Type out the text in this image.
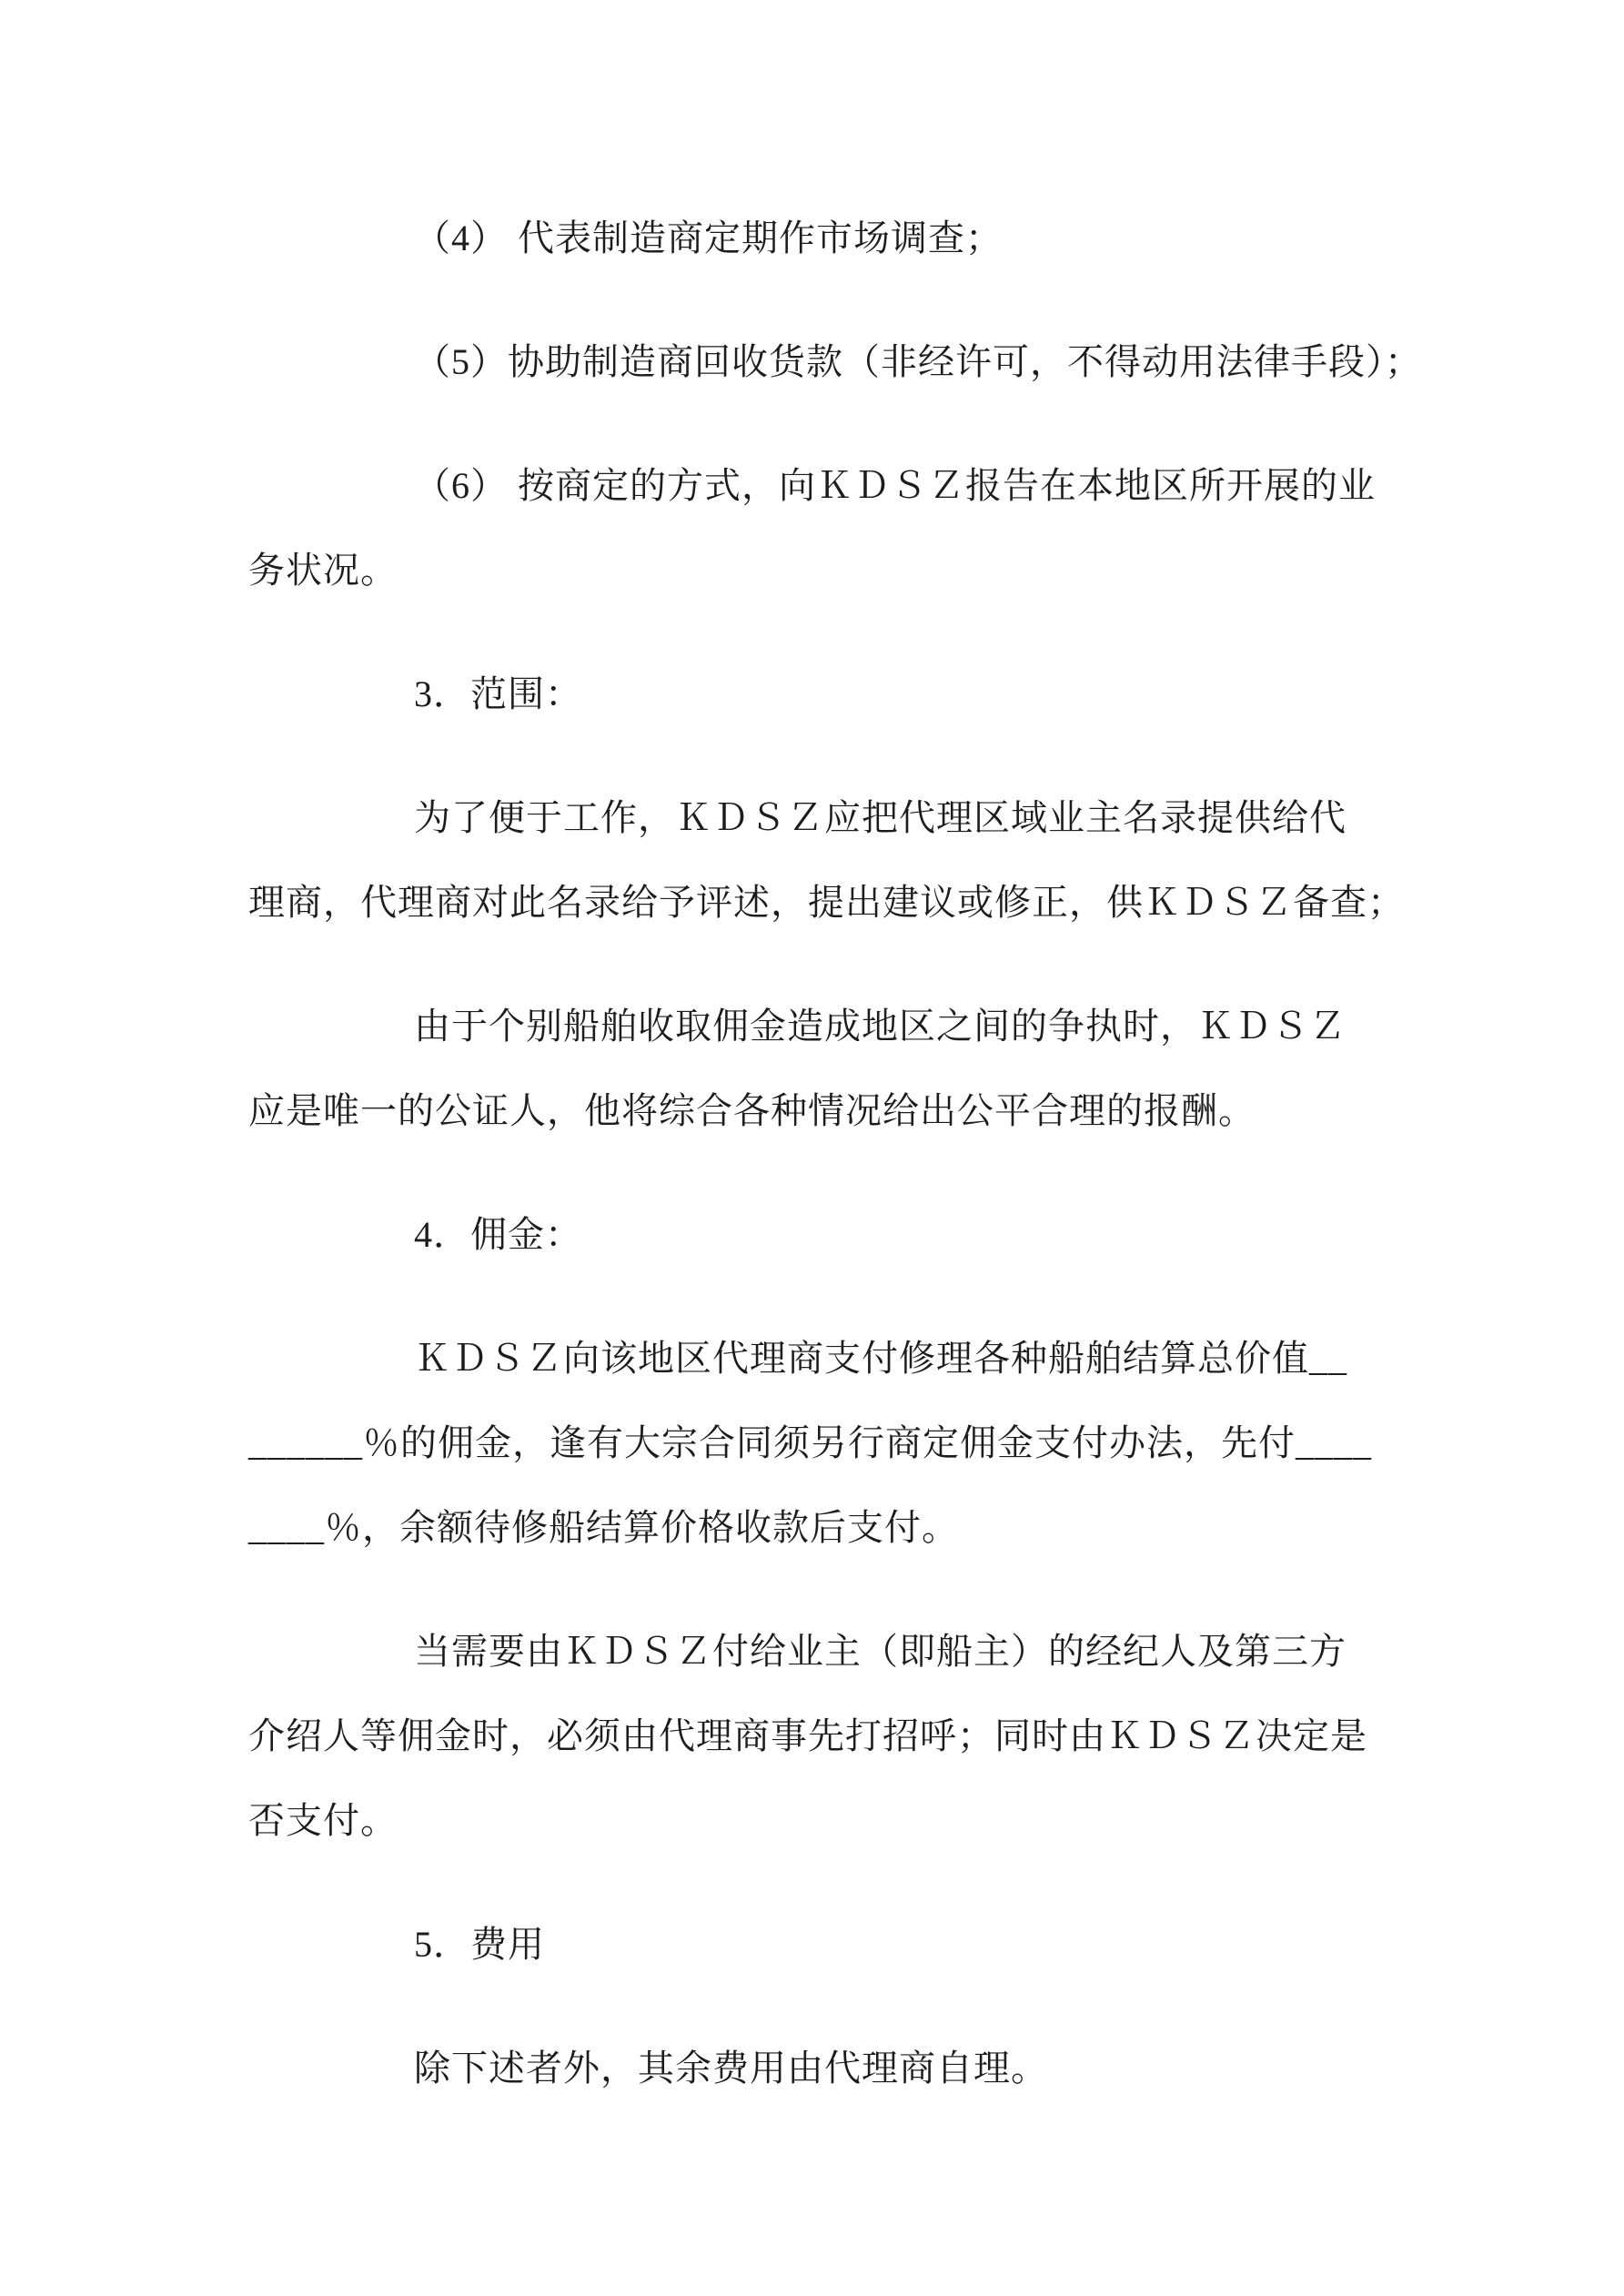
（4） 代表制造商定期作市场调查；
（5）协助制造商回收货款（非经许可，不得动用法律手段）；
（6） 按商定的方式，向ＫＤＳＺ报告在本地区所开展的业
务状况。
3．范围：
为了便于工作，ＫＤＳＺ应把代理区域业主名录提供给代
理商，代理商对此名录给予评述，提出建议或修正，供ＫＤＳＺ备查；
由于个别船舶收取佣金造成地区之间的争执时，ＫＤＳＺ
应是唯一的公证人，他将综合各种情况给出公平合理的报酬。
4．佣金：
ＫＤＳＺ向该地区代理商支付修理各种船舶结算总价值__
______％的佣金，逢有大宗合同须另行商定佣金支付办法，先付____
____％，余额待修船结算价格收款后支付。
当需要由ＫＤＳＺ付给业主（即船主）的经纪人及第三方
介绍人等佣金时，必须由代理商事先打招呼；同时由ＫＤＳＺ决定是
否支付。
5．费用
除下述者外，其余费用由代理商自理。
